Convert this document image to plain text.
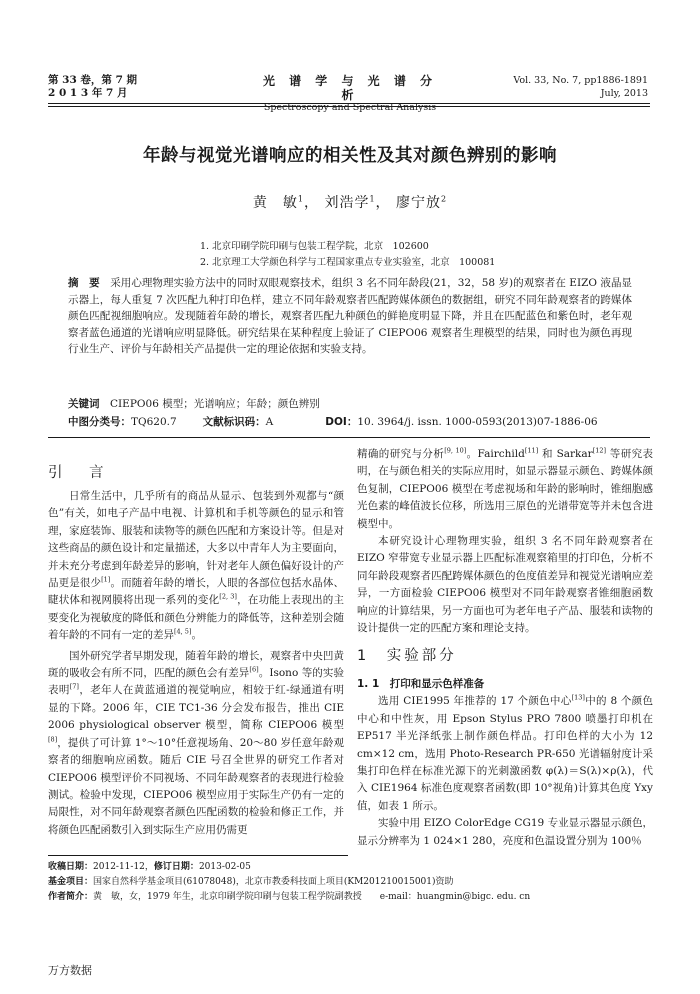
第 33 卷，第 7 期
2 0 1 3 年 7 月
光 谱 学 与 光 谱 分 析
Spectroscopy and Spectral Analysis
Vol. 33, No. 7, pp1886-1891
July, 2013
年龄与视觉光谱响应的相关性及其对颜色辨别的影响
黄　敏$^1$， 刘浩学$^1$， 廖宁放$^2$
1. 北京印刷学院印刷与包装工程学院，北京　102600
2. 北京理工大学颜色科学与工程国家重点专业实验室，北京　100081
摘　要　 采用心理物理实验方法中的同时双眼观察技术，组织 3 名不同年龄段(21，32，58 岁)的观察者在 EIZO 液晶显示器上，每人重复 7 次匹配九种打印色样，建立不同年龄观察者匹配跨媒体颜色的数据组，研究不同年龄观察者的跨媒体颜色匹配视细胞响应。发现随着年龄的增长，观察者匹配九种颜色的鲜艳度明显下降，并且在匹配蓝色和紫色时，老年观察者蓝色通道的光谱响应明显降低。研究结果在某种程度上验证了 CIEPO06 观察者生理模型的结果，同时也为颜色再现行业生产、评价与年龄相关产品提供一定的理论依据和实验支持。
关键词　 CIEPO06 模型；光谱响应；年龄；颜色辨别
中图分类号：TQ620.7 文献标识码：A	DOI：10. 3964/j. issn. 1000-0593(2013)07-1886-06
引　言

日常生活中，几乎所有的商品从显示、包装到外观都与“颜色”有关，如电子产品中电视、计算机和手机等颜色的显示和管理，家庭装饰、服装和读物等的颜色匹配和方案设计等。但是对这些商品的颜色设计和定量描述，大多以中青年人为主要面向，并未充分考虑到年龄差异的影响，针对老年人颜色偏好设计的产品更是很少[1]。而随着年龄的增长，人眼的各部位包括水晶体、睫状体和视网膜将出现一系列的变化[2, 3]，在功能上表现出的主要变化为视敏度的降低和颜色分辨能力的降低等，这种差别会随着年龄的不同有一定的差异[4, 5]。

国外研究学者早期发现，随着年龄的增长，观察者中央凹黄斑的吸收会有所不同，匹配的颜色会有差异[6]。Isono 等的实验表明[7]，老年人在黄蓝通道的视觉响应，相较于红-绿通道有明显的下降。2006 年，CIE TC1-36 分会发布报告，推出 CIE 2006 physiological observer 模型，简称 CIEPO06 模型[8]，提供了可计算 1°～10°任意视场角、20～80 岁任意年龄观察者的细胞响应函数。随后 CIE 号召全世界的研究工作者对 CIEPO06 模型评价不同视场、不同年龄观察者的表现进行检验测试。检验中发现，CIEPO06 模型应用于实际生产仍有一定的局限性，对不同年龄观察者颜色匹配函数的检验和修正工作，并将颜色匹配函数引入到实际生产应用仍需更

精确的研究与分析[9, 10]。Fairchild[11] 和 Sarkar[12] 等研究表明，在与颜色相关的实际应用时，如显示器显示颜色、跨媒体颜色复制，CIEPO06 模型在考虑视场和年龄的影响时，锥细胞感光色素的峰值波长位移，所选用三原色的光谱带宽等并未包含进模型中。

本研究设计心理物理实验，组织 3 名不同年龄观察者在 EIZO 窄带宽专业显示器上匹配标准观察箱里的打印色，分析不同年龄段观察者匹配跨媒体颜色的色度值差异和视觉光谱响应差异，一方面检验 CIEPO06 模型对不同年龄观察者锥细胞函数响应的计算结果，另一方面也可为老年电子产品、服装和读物的设计提供一定的匹配方案和理论支持。

1　 实验部分
1. 1　 打印和显示色样准备

选用 CIE1995 年推荐的 17 个颜色中心[13]中的 8 个颜色中心和中性灰，用 Epson Stylus PRO 7800 喷墨打印机在 EP517 半光泽纸张上制作颜色样品。打印色样的大小为 12 cm×12 cm，选用 Photo-Research PR-650 光谱辐射度计采集打印色样在标准光源下的光刺激函数 φ(λ)＝S(λ)×ρ(λ)，代入 CIE1964 标准色度观察者函数(即 10°视角)计算其色度 Yxy 值，如表 1 所示。

实验中用 EIZO ColorEdge CG19 专业显示器显示颜色，显示分辨率为 1 024×1 280，亮度和色温设置分别为 100％

收稿日期：2012-11-12，修订日期：2013-02-05
基金项目：国家自然科学基金项目(61078048)，北京市教委科技面上项目(KM201210015001)资助
作者简介：黄　敏，女，1979 年生，北京印刷学院印刷与包装工程学院副教授　　e-mail：huangmin@bigc. edu. cn
万方数据
